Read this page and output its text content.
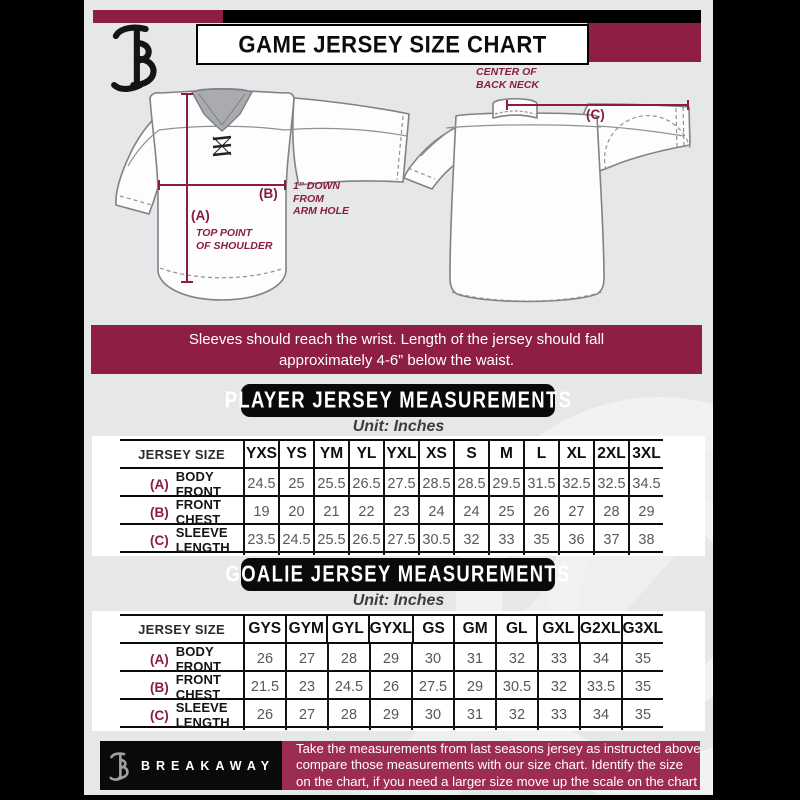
GAME JERSEY SIZE CHART
(A)
TOP POINT
OF SHOULDER
(B) 1" DOWN
FROM
ARM HOLE
(C)
CENTER OF
BACK NECK
Sleeves should reach the wrist. Length of the jersey should fall
approximately 4-6” below the waist.
PLAYER JERSEY MEASUREMENTS
Unit: Inches
JERSEY SIZE YXS YS YM YL YXL XS	S	M	L	XL 2XL 3XL
(A) BODY FRONT	24.5 25 25.5 26.5 27.5 28.5 28.5 29.5 31.5 32.5 32.5 34.5
(B) FRONT CHEST	19	20	21	22	23	24	24	25	26	27	28	29
(C) SLEEVE LENGTH	23.5 24.5 25.5 26.5 27.5 30.5 32	33	35	36	37	38
GOALIE JERSEY MEASUREMENTS
Unit: Inches
JERSEY SIZE	GYS GYM GYL GYXL GS	GM	GL GXL G2XL G3XL
(A) BODY FRONT	26	27	28	29	30	31	32	33	34	35
(B) FRONT CHEST	21.5	23	24.5	26	27.5	29	30.5	32	33.5	35
(C) SLEEVE LENGTH	26	27	28	29	30	31	32	33	34	35
BREAKAWAY
Take the measurements from last seasons jersey as instructed above
compare those measurements with our size chart. Identify the size
on the chart, if you need a larger size move up the scale on the chart
